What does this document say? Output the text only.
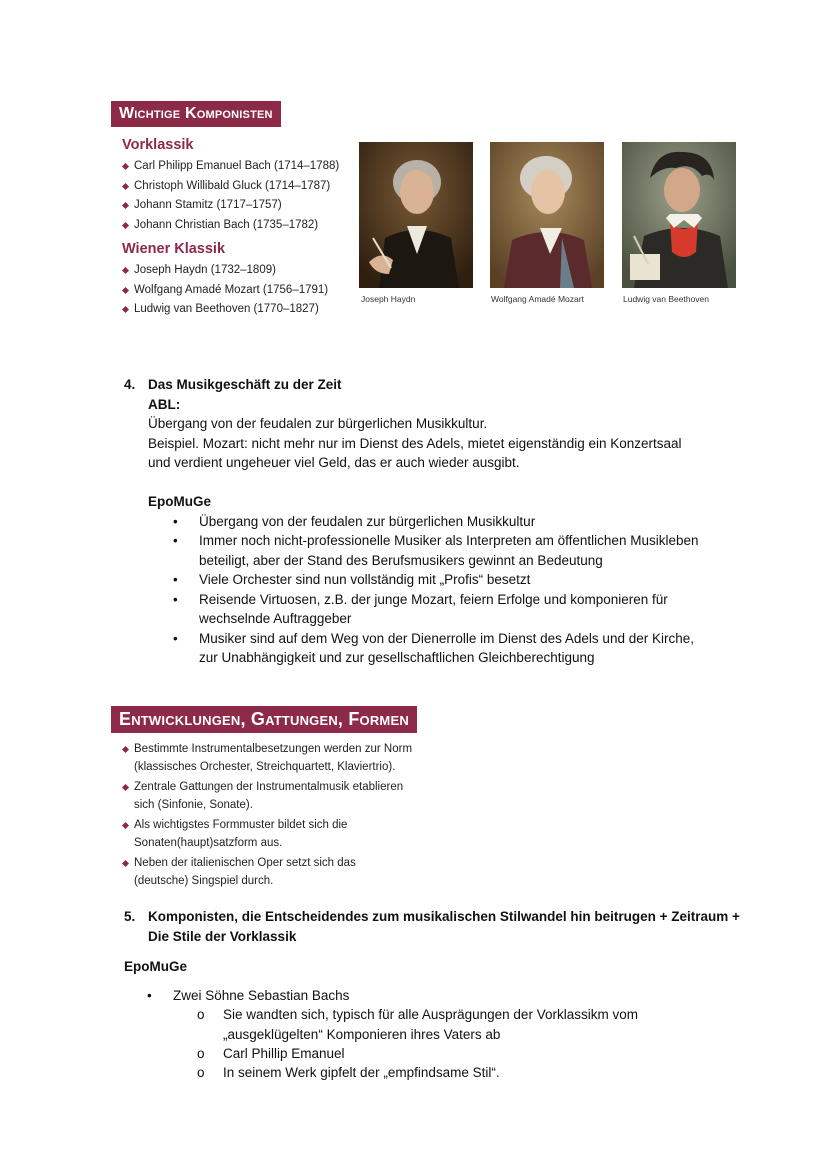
Wichtige Komponisten
Vorklassik
Carl Philipp Emanuel Bach (1714–1788)
Christoph Willibald Gluck (1714–1787)
Johann Stamitz (1717–1757)
Johann Christian Bach (1735–1782)
Wiener Klassik
Joseph Haydn (1732–1809)
Wolfgang Amadé Mozart (1756–1791)
Ludwig van Beethoven (1770–1827)
Joseph Haydn	Wolfgang Amadé Mozart	Ludwig van Beethoven
4. Das Musikgeschäft zu der Zeit
ABL:
Übergang von der feudalen zur bürgerlichen Musikkultur.
Beispiel. Mozart: nicht mehr nur im Dienst des Adels, mietet eigenständig ein Konzertsaal
und verdient ungeheuer viel Geld, das er auch wieder ausgibt.
EpoMuGe
• Übergang von der feudalen zur bürgerlichen Musikkultur
• Immer noch nicht-professionelle Musiker als Interpreten am öffentlichen Musikleben
beteiligt, aber der Stand des Berufsmusikers gewinnt an Bedeutung
• Viele Orchester sind nun vollständig mit „Profis“ besetzt
• Reisende Virtuosen, z.B. der junge Mozart, feiern Erfolge und komponieren für
wechselnde Auftraggeber
• Musiker sind auf dem Weg von der Dienerrolle im Dienst des Adels und der Kirche,
zur Unabhängigkeit und zur gesellschaftlichen Gleichberechtigung
Entwicklungen, Gattungen, Formen
Bestimmte Instrumentalbesetzungen werden zur Norm
(klassisches Orchester, Streichquartett, Klaviertrio).
Zentrale Gattungen der Instrumentalmusik etablieren
sich (Sinfonie, Sonate).
Als wichtigstes Formmuster bildet sich die
Sonaten(haupt)satzform aus.
Neben der italienischen Oper setzt sich das
(deutsche) Singspiel durch.
5. Komponisten, die Entscheidendes zum musikalischen Stilwandel hin beitrugen + Zeitraum +
Die Stile der Vorklassik
EpoMuGe
• Zwei Söhne Sebastian Bachs
o Sie wandten sich, typisch für alle Ausprägungen der Vorklassikm vom
„ausgeklügelten“ Komponieren ihres Vaters ab
o Carl Phillip Emanuel
o In seinem Werk gipfelt der „empfindsame Stil“.
